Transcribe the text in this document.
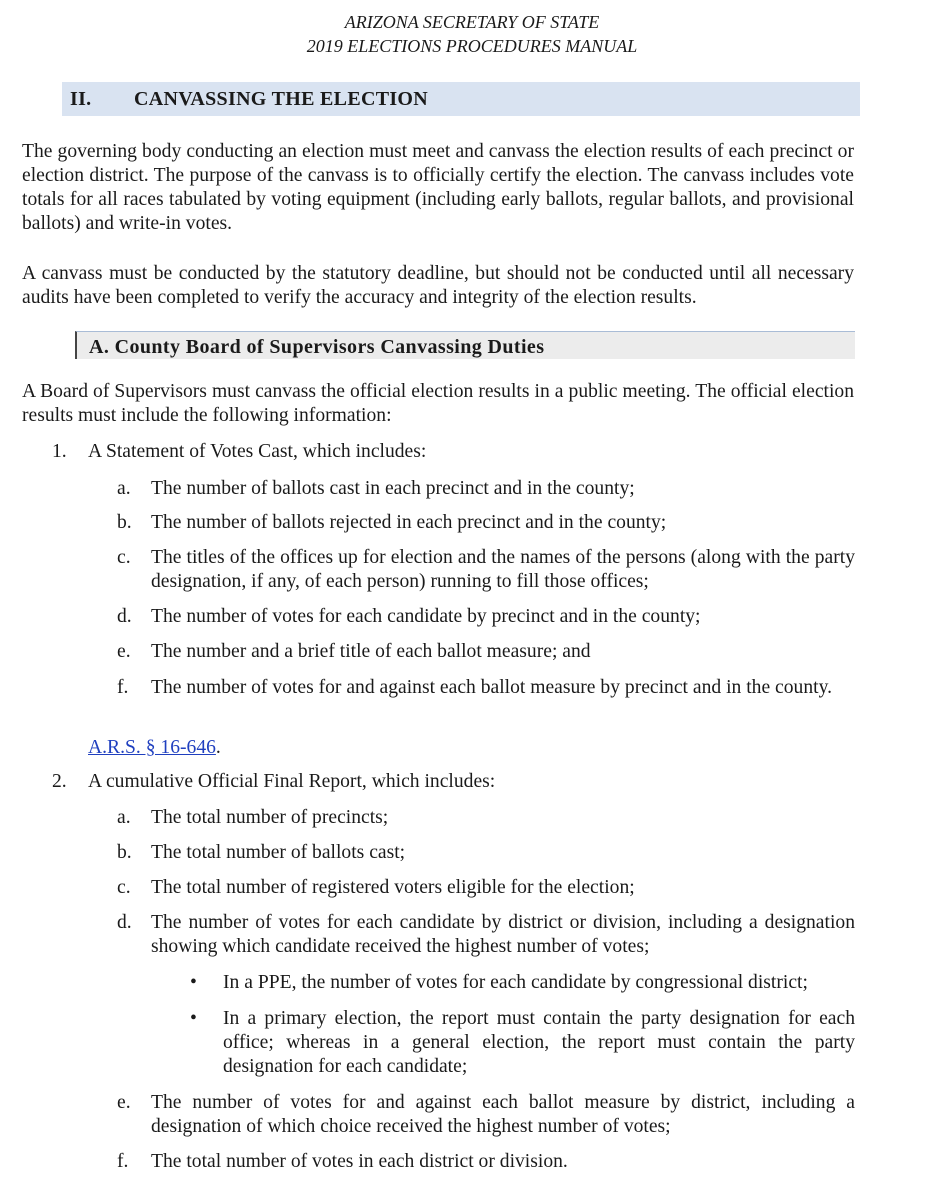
ARIZONA SECRETARY OF STATE
2019 ELECTIONS PROCEDURES MANUAL
II. CANVASSING THE ELECTION
The governing body conducting an election must meet and canvass the election results of each precinct or election district. The purpose of the canvass is to officially certify the election. The canvass includes vote totals for all races tabulated by voting equipment (including early ballots, regular ballots, and provisional ballots) and write-in votes.
A canvass must be conducted by the statutory deadline, but should not be conducted until all necessary audits have been completed to verify the accuracy and integrity of the election results.
A. County Board of Supervisors Canvassing Duties
A Board of Supervisors must canvass the official election results in a public meeting. The official election results must include the following information:
1. A Statement of Votes Cast, which includes:
a. The number of ballots cast in each precinct and in the county;
b. The number of ballots rejected in each precinct and in the county;
c. The titles of the offices up for election and the names of the persons (along with the party designation, if any, of each person) running to fill those offices;
d. The number of votes for each candidate by precinct and in the county;
e. The number and a brief title of each ballot measure; and
f. The number of votes for and against each ballot measure by precinct and in the county.
A.R.S. § 16-646.
2. A cumulative Official Final Report, which includes:
a. The total number of precincts;
b. The total number of ballots cast;
c. The total number of registered voters eligible for the election;
d. The number of votes for each candidate by district or division, including a designation showing which candidate received the highest number of votes;
• In a PPE, the number of votes for each candidate by congressional district;
• In a primary election, the report must contain the party designation for each office; whereas in a general election, the report must contain the party designation for each candidate;
e. The number of votes for and against each ballot measure by district, including a designation of which choice received the highest number of votes;
f. The total number of votes in each district or division.
